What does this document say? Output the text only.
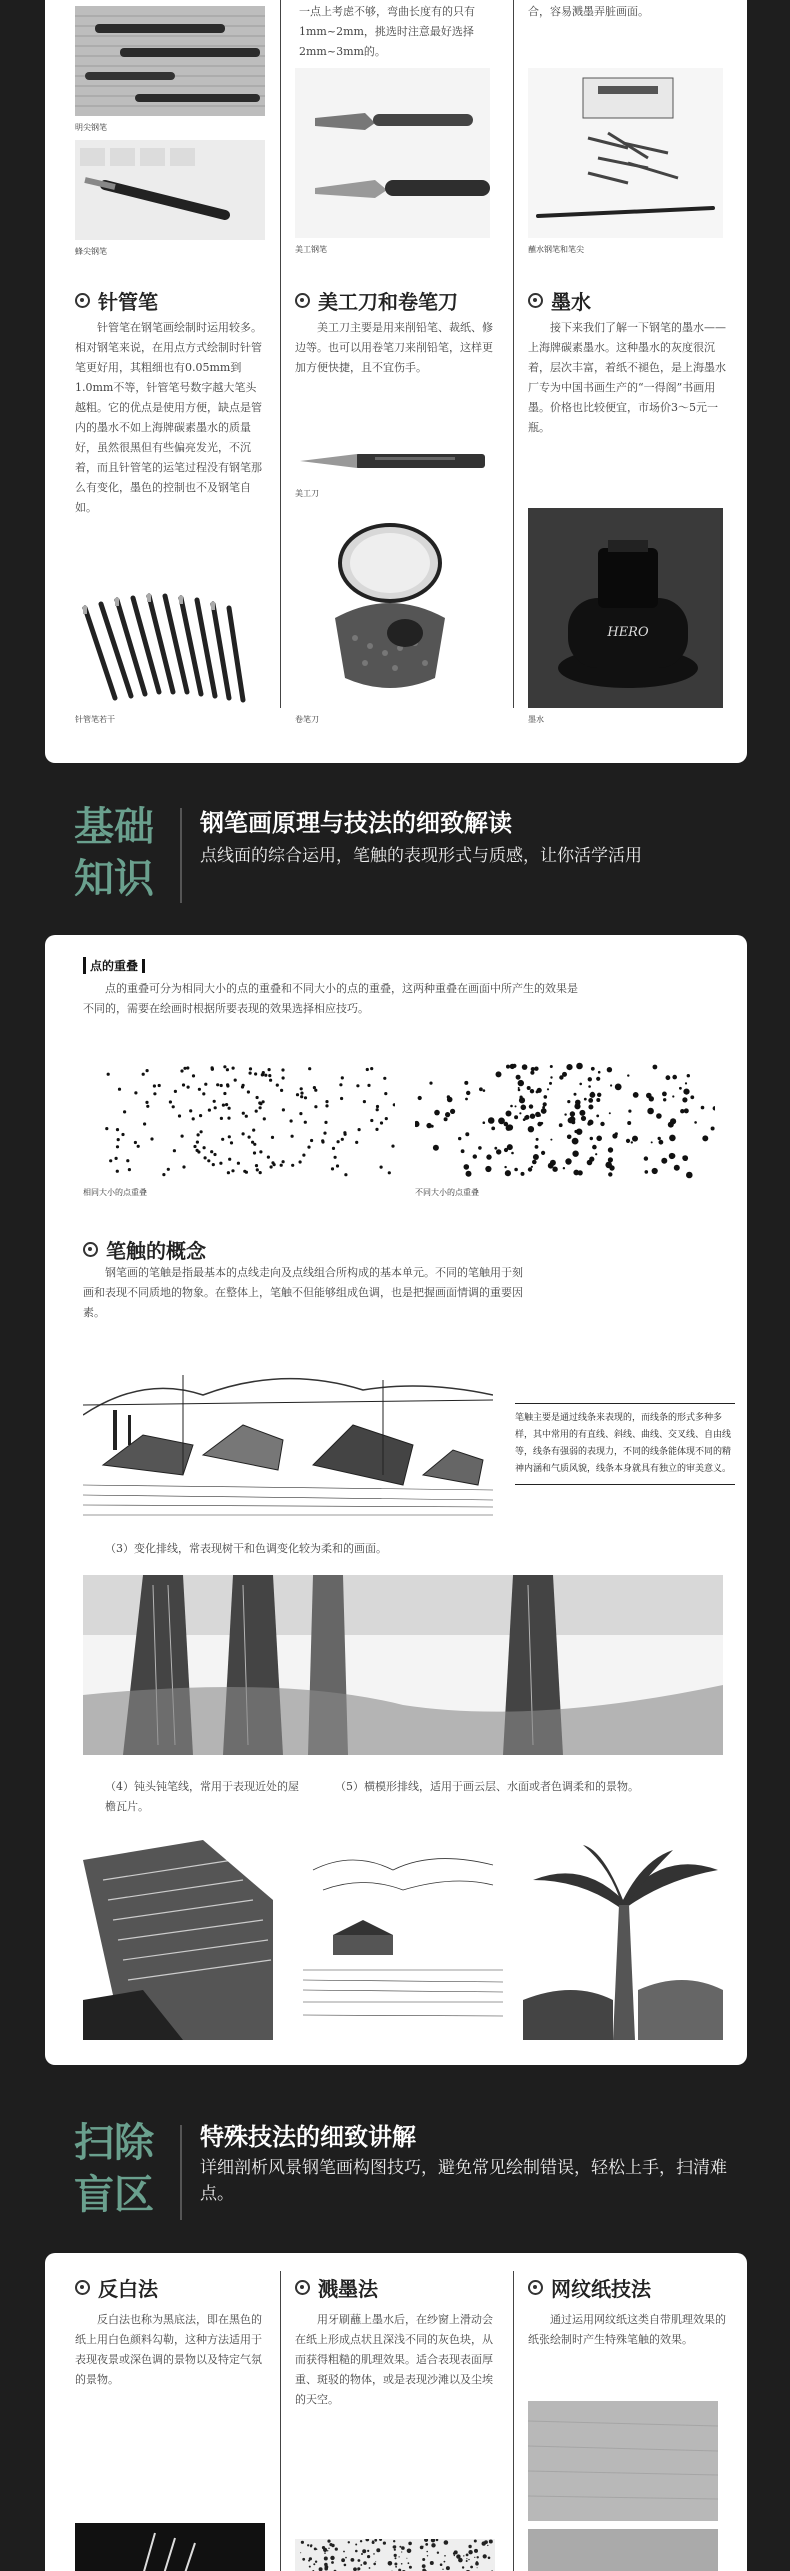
明尖钢笔
蜂尖钢笔
针管笔
针管笔在钢笔画绘制时运用较多。相对钢笔来说，在用点方式绘制时针管笔更好用，其粗细也有0.05mm到1.0mm不等，针管笔号数字越大笔头越粗。它的优点是使用方便，缺点是管内的墨水不如上海牌碳素墨水的质量好，虽然很黑但有些偏亮发光，不沉着，而且针管笔的运笔过程没有钢笔那么有变化，墨色的控制也不及钢笔自如。
针管笔若干
一点上考虑不够，弯曲长度有的只有1mm~2mm，挑选时注意最好选择2mm~3mm的。
美工钢笔
美工刀和卷笔刀
美工刀主要是用来削铅笔、裁纸、修边等。也可以用卷笔刀来削铅笔，这样更加方便快捷，且不宜伤手。
美工刀
卷笔刀
合，容易溅墨弄脏画面。
蘸水钢笔和笔尖
墨水
接下来我们了解一下钢笔的墨水——上海牌碳素墨水。这种墨水的灰度很沉着，层次丰富，着纸不褪色，是上海墨水厂专为中国书画生产的“一得阁”书画用墨。价格也比较便宜，市场价3～5元一瓶。
HERO
墨水
基础
知识
钢笔画原理与技法的细致解读
点线面的综合运用，笔触的表现形式与质感，让你活学活用
点的重叠
点的重叠可分为相同大小的点的重叠和不同大小的点的重叠，这两种重叠在画面中所产生的效果是不同的，需要在绘画时根据所要表现的效果选择相应技巧。
相同大小的点重叠	不同大小的点重叠
笔触的概念
钢笔画的笔触是指最基本的点线走向及点线组合所构成的基本单元。不同的笔触用于刻画和表现不同质地的物象。在整体上，笔触不但能够组成色调，也是把握画面情调的重要因素。
笔触主要是通过线条来表现的，而线条的形式多种多样，其中常用的有直线、斜线、曲线、交叉线、自由线等，线条有强弱的表现力，不同的线条能体现不同的精神内涵和气质风貌，线条本身就具有独立的审美意义。
（3）变化排线，常表现树干和色调变化较为柔和的画面。
（4）钝头钝笔线，常用于表现近处的屋檐瓦片。
（5）横模形排线，适用于画云层、水面或者色调柔和的景物。
扫除
盲区
特殊技法的细致讲解
详细剖析风景钢笔画构图技巧，避免常见绘制错误，轻松上手，扫清难点。
反白法
反白法也称为黑底法，即在黑色的纸上用白色颜料勾勒，这种方法适用于表现夜景或深色调的景物以及特定气氛的景物。
溅墨法
用牙刷蘸上墨水后，在纱窗上滑动会在纸上形成点状且深浅不同的灰色块，从而获得粗糙的肌理效果。适合表现表面厚重、斑驳的物体，或是表现沙滩以及尘埃的天空。
网纹纸技法
通过运用网纹纸这类自带肌理效果的纸张绘制时产生特殊笔触的效果。
